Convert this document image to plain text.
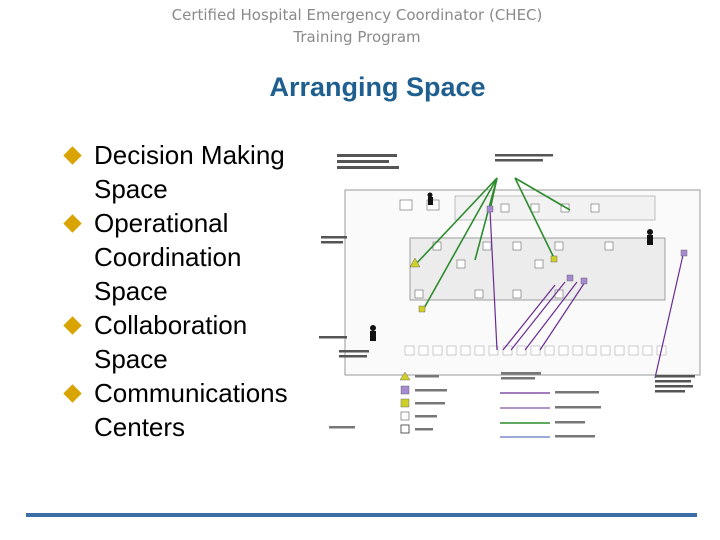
Certified Hospital Emergency Coordinator (CHEC)
Training Program
Arranging Space
Decision Making
Space
Operational
Coordination
Space
Collaboration
Space
Communications
Centers
